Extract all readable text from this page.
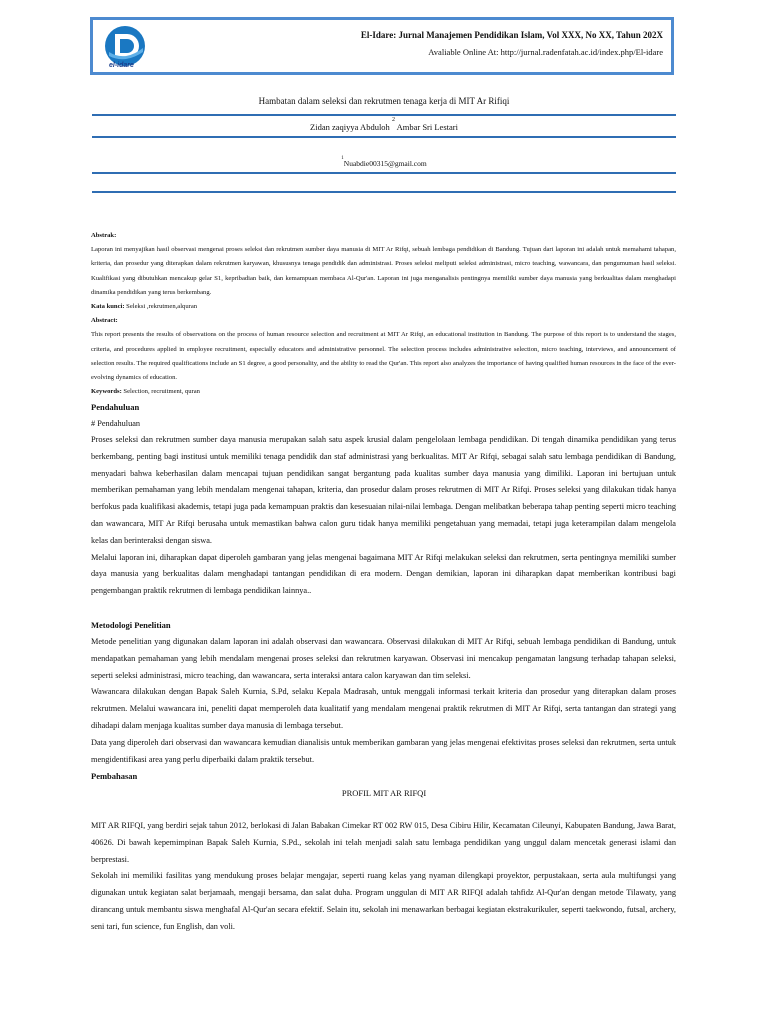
el-idare
El-Idare: Jurnal Manajemen Pendidikan Islam, Vol XXX, No XX, Tahun 202X
Avaliable Online At: http://jurnal.radenfatah.ac.id/index.php/El-idare
Hambatan dalam seleksi dan rekrutmen tenaga kerja di MIT Ar Rifiqi
Zidan zaqiyya Abduloh $^2$ Ambar Sri Lestari
$^1$Nuabdie00315@gmail.com
Abstrak:
Laporan ini menyajikan hasil observasi mengenai proses seleksi dan rekrutmen sumber daya manusia di MIT Ar Rifqi, sebuah lembaga pendidikan di Bandung. Tujuan dari laporan ini adalah untuk memahami tahapan, kriteria, dan prosedur yang diterapkan dalam rekrutmen karyawan, khususnya tenaga pendidik dan administrasi. Proses seleksi meliputi seleksi administrasi, micro teaching, wawancara, dan pengumuman hasil seleksi. Kualifikasi yang dibutuhkan mencakup gelar S1, kepribadian baik, dan kemampuan membaca Al-Qur'an. Laporan ini juga menganalisis pentingnya memiliki sumber daya manusia yang berkualitas dalam menghadapi dinamika pendidikan yang terus berkembang.
Kata kunci: Seleksi ,rekrutmen,alquran
Abstract:
This report presents the results of observations on the process of human resource selection and recruitment at MIT Ar Rifqi, an educational institution in Bandung. The purpose of this report is to understand the stages, criteria, and procedures applied in employee recruitment, especially educators and administrative personnel. The selection process includes administrative selection, micro teaching, interviews, and announcement of selection results. The required qualifications include an S1 degree, a good personality, and the ability to read the Qur'an. This report also analyzes the importance of having qualified human resources in the face of the ever-evolving dynamics of education.
Keywords: Selection, recruitment, quran
Pendahuluan
# Pendahuluan

Proses seleksi dan rekrutmen sumber daya manusia merupakan salah satu aspek krusial dalam pengelolaan lembaga pendidikan. Di tengah dinamika pendidikan yang terus berkembang, penting bagi institusi untuk memiliki tenaga pendidik dan staf administrasi yang berkualitas. MIT Ar Rifqi, sebagai salah satu lembaga pendidikan di Bandung, menyadari bahwa keberhasilan dalam mencapai tujuan pendidikan sangat bergantung pada kualitas sumber daya manusia yang dimiliki. Laporan ini bertujuan untuk memberikan pemahaman yang lebih mendalam mengenai tahapan, kriteria, dan prosedur dalam proses rekrutmen di MIT Ar Rifqi. Proses seleksi yang dilakukan tidak hanya berfokus pada kualifikasi akademis, tetapi juga pada kemampuan praktis dan kesesuaian nilai-nilai lembaga. Dengan melibatkan beberapa tahap penting seperti micro teaching dan wawancara, MIT Ar Rifqi berusaha untuk memastikan bahwa calon guru tidak hanya memiliki pengetahuan yang memadai, tetapi juga keterampilan dalam mengelola kelas dan berinteraksi dengan siswa.

Melalui laporan ini, diharapkan dapat diperoleh gambaran yang jelas mengenai bagaimana MIT Ar Rifqi melakukan seleksi dan rekrutmen, serta pentingnya memiliki sumber daya manusia yang berkualitas dalam menghadapi tantangan pendidikan di era modern. Dengan demikian, laporan ini diharapkan dapat memberikan kontribusi bagi pengembangan praktik rekrutmen di lembaga pendidikan lainnya..

Metodologi Penelitian

Metode penelitian yang digunakan dalam laporan ini adalah observasi dan wawancara. Observasi dilakukan di MIT Ar Rifqi, sebuah lembaga pendidikan di Bandung, untuk mendapatkan pemahaman yang lebih mendalam mengenai proses seleksi dan rekrutmen karyawan. Observasi ini mencakup pengamatan langsung terhadap tahapan seleksi, seperti seleksi administrasi, micro teaching, dan wawancara, serta interaksi antara calon karyawan dan tim seleksi.

Wawancara dilakukan dengan Bapak Saleh Kurnia, S.Pd, selaku Kepala Madrasah, untuk menggali informasi terkait kriteria dan prosedur yang diterapkan dalam proses rekrutmen. Melalui wawancara ini, peneliti dapat memperoleh data kualitatif yang mendalam mengenai praktik rekrutmen di MIT Ar Rifqi, serta tantangan dan strategi yang dihadapi dalam menjaga kualitas sumber daya manusia di lembaga tersebut.

Data yang diperoleh dari observasi dan wawancara kemudian dianalisis untuk memberikan gambaran yang jelas mengenai efektivitas proses seleksi dan rekrutmen, serta untuk mengidentifikasi area yang perlu diperbaiki dalam praktik tersebut.

Pembahasan
PROFIL MIT AR RIFQI

MIT AR RIFQI, yang berdiri sejak tahun 2012, berlokasi di Jalan Babakan Cimekar RT 002 RW 015, Desa Cibiru Hilir, Kecamatan Cileunyi, Kabupaten Bandung, Jawa Barat, 40626. Di bawah kepemimpinan Bapak Saleh Kurnia, S.Pd., sekolah ini telah menjadi salah satu lembaga pendidikan yang unggul dalam mencetak generasi islami dan berprestasi.

Sekolah ini memiliki fasilitas yang mendukung proses belajar mengajar, seperti ruang kelas yang nyaman dilengkapi proyektor, perpustakaan, serta aula multifungsi yang digunakan untuk kegiatan salat berjamaah, mengaji bersama, dan salat duha. Program unggulan di MIT AR RIFQI adalah tahfidz Al-Qur'an dengan metode Tilawaty, yang dirancang untuk membantu siswa menghafal Al-Qur'an secara efektif. Selain itu, sekolah ini menawarkan berbagai kegiatan ekstrakurikuler, seperti taekwondo, futsal, archery, seni tari, fun science, fun English, dan voli.
